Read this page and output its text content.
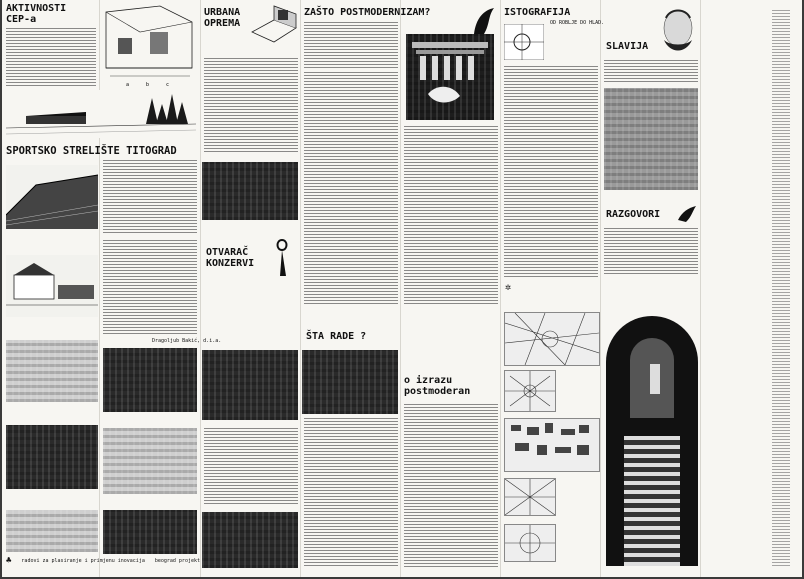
AKTIVNOSTI
CEP-a
a	b	c
SPORTSKO STRELIŠTE TITOGRAD
Dragoljub Bakić, d.i.a.
♣ radovi za plasiranje i primjenu inovacija beograd projekt
URBANA
OPREMA
OTVARAČ
KONZERVI
ZAŠTO POSTMODERNIZAM?
ŠTA RADE ?
o izrazu
postmoderan
ISTOGRAFIJA
OD ROBLJE DO HLAD.
✲
SLAVIJA
RAZGOVORI
